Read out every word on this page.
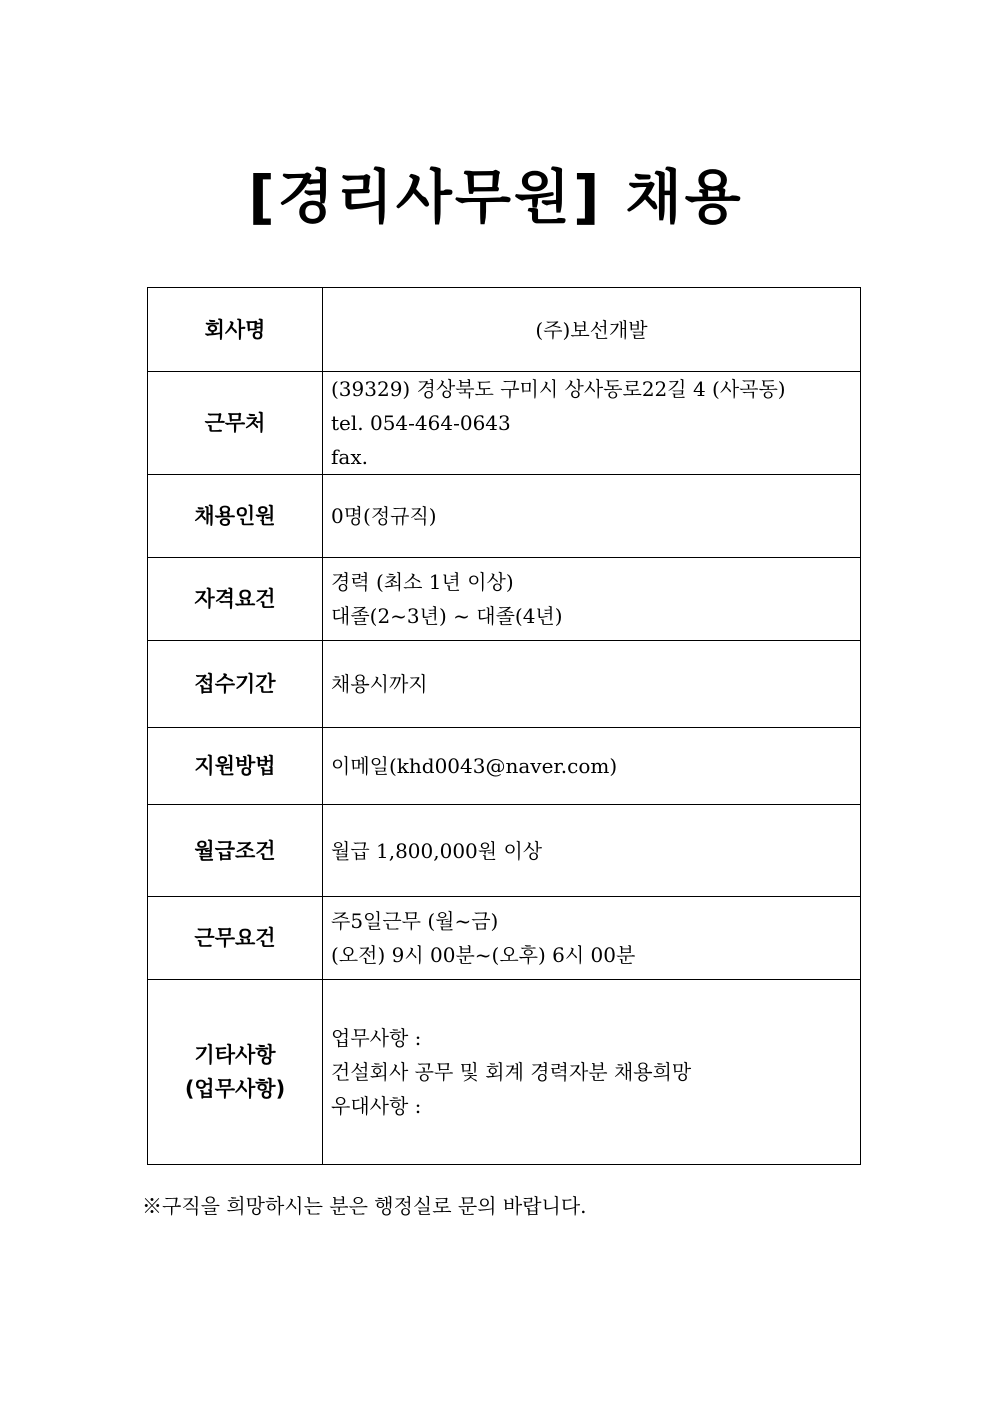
[경리사무원] 채용
회사명	(주)보선개발

근무처	(39329) 경상북도 구미시 상사동로22길 4 (사곡동)
tel. 054-464-0643
fax.

채용인원	0명(정규직)

자격요건	경력 (최소 1년 이상)
대졸(2~3년) ~ 대졸(4년)

접수기간	채용시까지

지원방법	이메일(khd0043@naver.com)

월급조건	월급 1,800,000원 이상

근무요건	주5일근무 (월~금)
(오전) 9시 00분~(오후) 6시 00분

기타사항
(업무사항)	업무사항 :
건설회사 공무 및 회계 경력자분 채용희망
우대사항 :
※구직을 희망하시는 분은 행정실로 문의 바랍니다.
